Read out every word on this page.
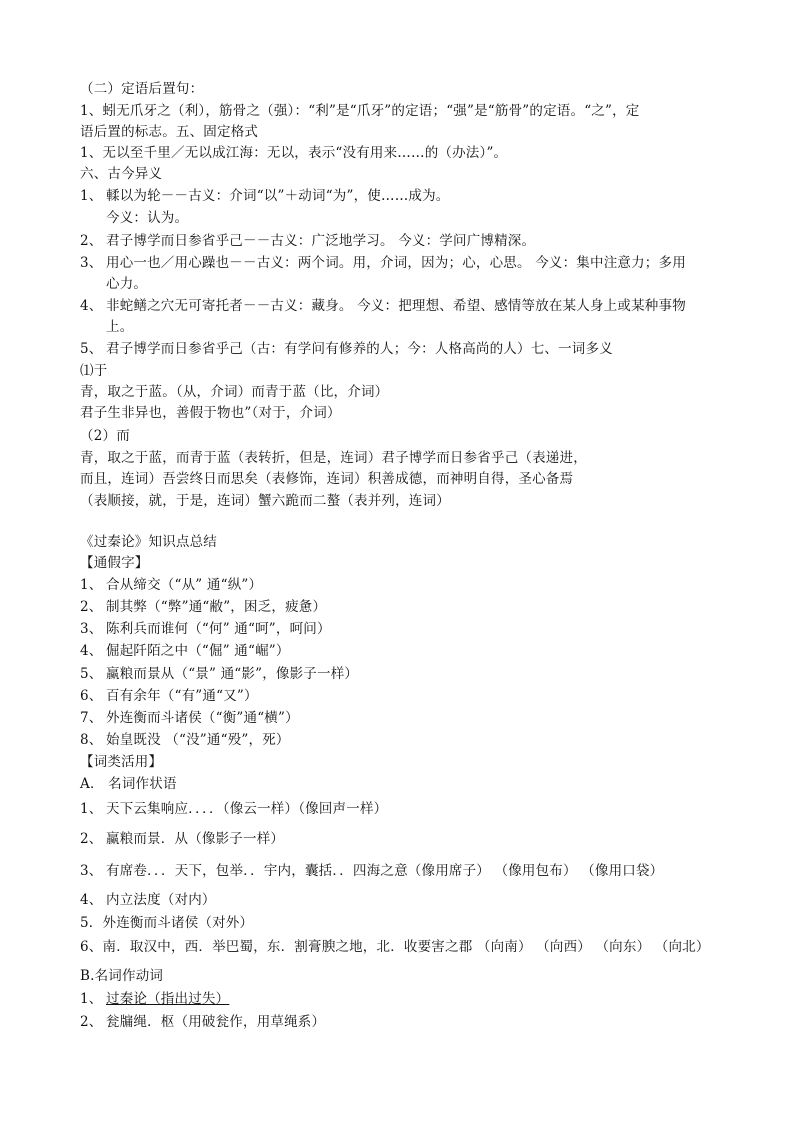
（二）定语后置句：
1、蚓无爪牙之（利），筋骨之（强）：“利”是“爪牙”的定语；“强”是“筋骨”的定语。“之”，定
语后置的标志。五、固定格式
1、无以至千里／无以成江海：无以，表示“没有用来……的（办法）”。
六、古今异义
1、 輮以为轮－－古义：介词“以”＋动词“为”，使……成为。
今义：认为。
2、 君子博学而日参省乎己－－古义：广泛地学习。 今义：学问广博精深。
3、 用心一也／用心躁也－－古义：两个词。用，介词，因为；心，心思。 今义：集中注意力；多用
心力。
4、 非蛇鳝之穴无可寄托者－－古义：藏身。 今义：把理想、希望、感情等放在某人身上或某种事物
上。
5、 君子博学而日参省乎己（古：有学问有修养的人；今：人格高尚的人）七、一词多义
⑴于
青，取之于蓝。（从，介词）而青于蓝（比，介词）
君子生非异也，善假于物也”（对于，介词）
（2）而
青，取之于蓝，而青于蓝（表转折，但是，连词）君子博学而日参省乎己（表递进，
而且，连词）吾尝终日而思矣（表修饰，连词）积善成德，而神明自得，圣心备焉
（表顺接，就，于是，连词）蟹六跪而二螯（表并列，连词）
《过秦论》知识点总结
【通假字】
1、 合从缔交（“从” 通“纵”）
2、 制其弊（“弊”通“敝”，困乏，疲惫）
3、 陈利兵而谁何（“何” 通“呵”，呵问）
4、 倔起阡陌之中（“倔” 通“崛”）
5、 赢粮而景从（“景” 通“影”，像影子一样）
6、 百有余年（“有”通“又”）
7、 外连衡而斗诸侯（“衡”通“横”）
8、 始皇既没 （“没”通“殁”，死）
【词类活用】
A． 名词作状语
1、 天下云集响应．．．．（像云一样）（像回声一样）
2、 赢粮而景．从（像影子一样）
3、 有席卷．．．天下，包举．．宇内，囊括．．四海之意（像用席子） （像用包布） （像用口袋）
4、 内立法度（对内）
5．外连衡而斗诸侯（对外）
6、南．取汉中，西．举巴蜀，东．割膏腴之地，北．收要害之郡 （向南） （向西） （向东） （向北）
B.名词作动词
1、 过秦论（指出过失）
2、 瓮牖绳．枢（用破瓮作，用草绳系）
